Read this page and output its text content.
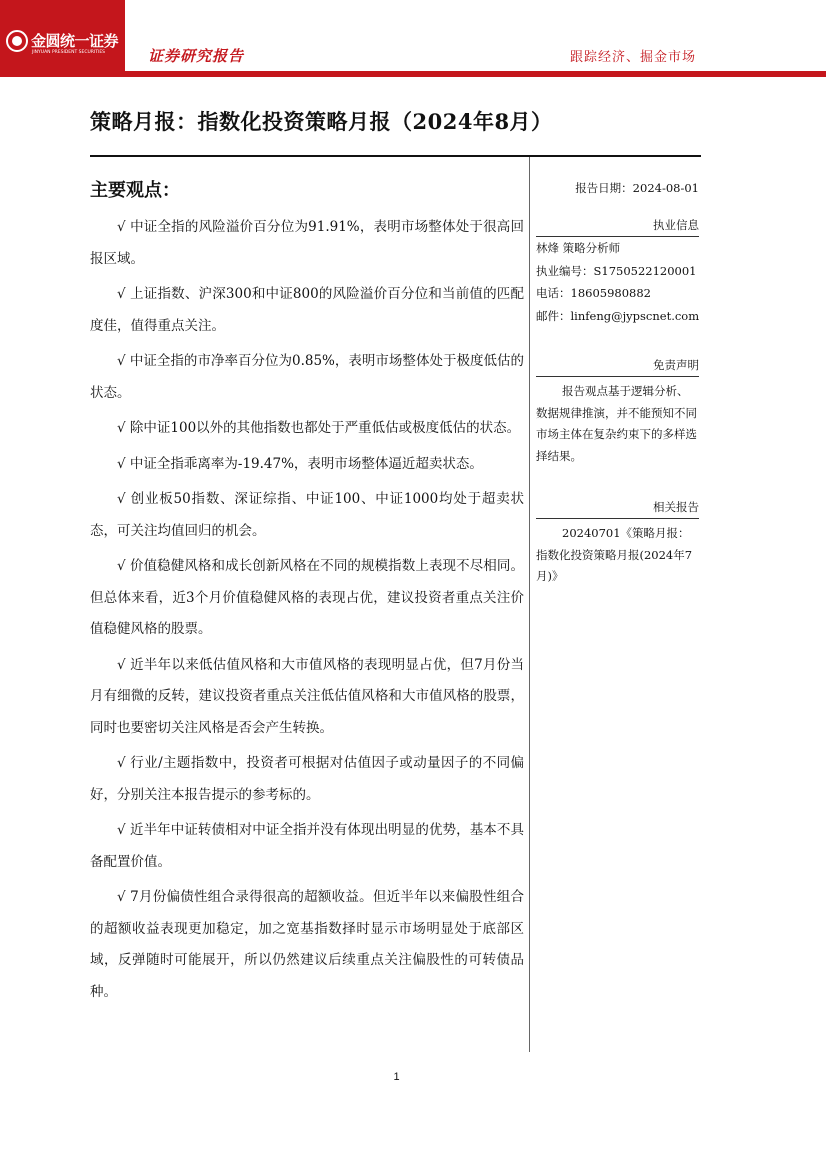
金圆统一证券
JINYUAN PRESIDENT SECURITIES	证券研究报告	跟踪经济、掘金市场
策略月报：指数化投资策略月报（2024年8月）
主要观点：

√ 中证全指的风险溢价百分位为91.91%，表明市场整体处于很高回报区域。

√ 上证指数、沪深300和中证800的风险溢价百分位和当前值的匹配度佳，值得重点关注。

√ 中证全指的市净率百分位为0.85%，表明市场整体处于极度低估的状态。

√ 除中证100以外的其他指数也都处于严重低估或极度低估的状态。

√ 中证全指乖离率为-19.47%，表明市场整体逼近超卖状态。

√ 创业板50指数、深证综指、中证100、中证1000均处于超卖状态，可关注均值回归的机会。

√ 价值稳健风格和成长创新风格在不同的规模指数上表现不尽相同。但总体来看，近3个月价值稳健风格的表现占优，建议投资者重点关注价值稳健风格的股票。

√ 近半年以来低估值风格和大市值风格的表现明显占优，但7月份当月有细微的反转，建议投资者重点关注低估值风格和大市值风格的股票，同时也要密切关注风格是否会产生转换。

√ 行业/主题指数中，投资者可根据对估值因子或动量因子的不同偏好，分别关注本报告提示的参考标的。

√ 近半年中证转债相对中证全指并没有体现出明显的优势，基本不具备配置价值。

√ 7月份偏债性组合录得很高的超额收益。但近半年以来偏股性组合的超额收益表现更加稳定，加之宽基指数择时显示市场明显处于底部区域，反弹随时可能展开，所以仍然建议后续重点关注偏股性的可转债品种。

报告日期：2024-08-01
执业信息
林烽 策略分析师
执业编号：S1750522120001
电话：18605980882
邮件：linfeng@jypscnet.com
免责声明
报告观点基于逻辑分析、数据规律推演，并不能预知不同市场主体在复杂约束下的多样选择结果。
相关报告
20240701《策略月报：指数化投资策略月报(2024年7月)》
1
